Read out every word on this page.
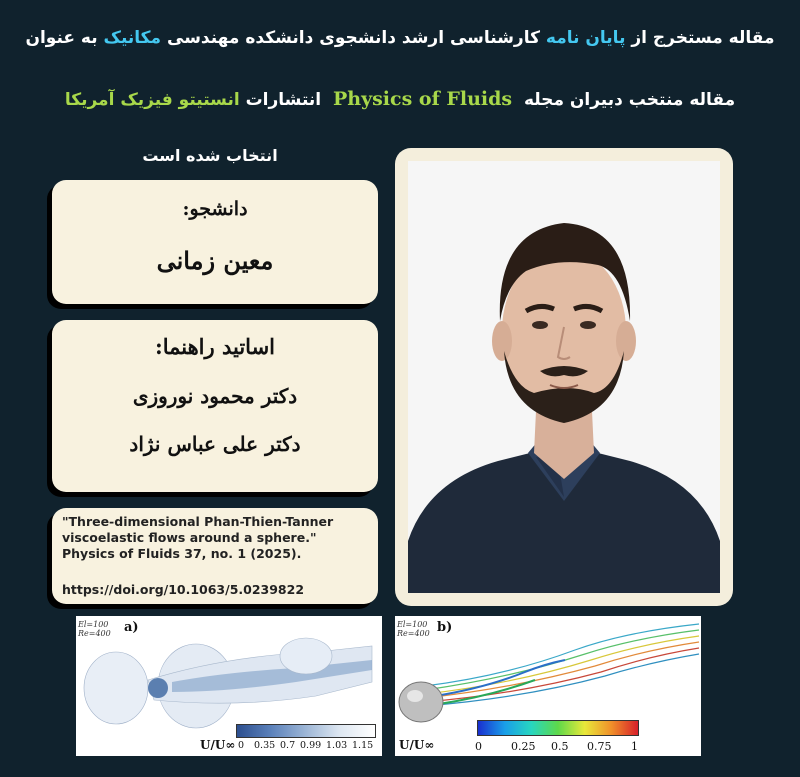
مقاله مستخرج از پایان نامه کارشناسی ارشد دانشجوی دانشکده مهندسی مکانیک به عنوان
مقاله منتخب دبیران مجله  Physics of Fluids  انتشارات انستیتو فیزیک آمریکا
انتخاب شده است
دانشجو:
معین زمانی
اساتید راهنما:
دکتر محمود نوروزی
دکتر علی عباس نژاد
"Three-dimensional Phan-Thien-Tanner viscoelastic flows around a sphere." Physics of Fluids 37, no. 1 (2025).
https://doi.org/10.1063/5.0239822
El=100
Re=400 a)
U/U∞ 0 0.35 0.7 0.99 1.03 1.15
El=100
Re=400 b)
U/U∞	0	0.25 0.5 0.75 1
